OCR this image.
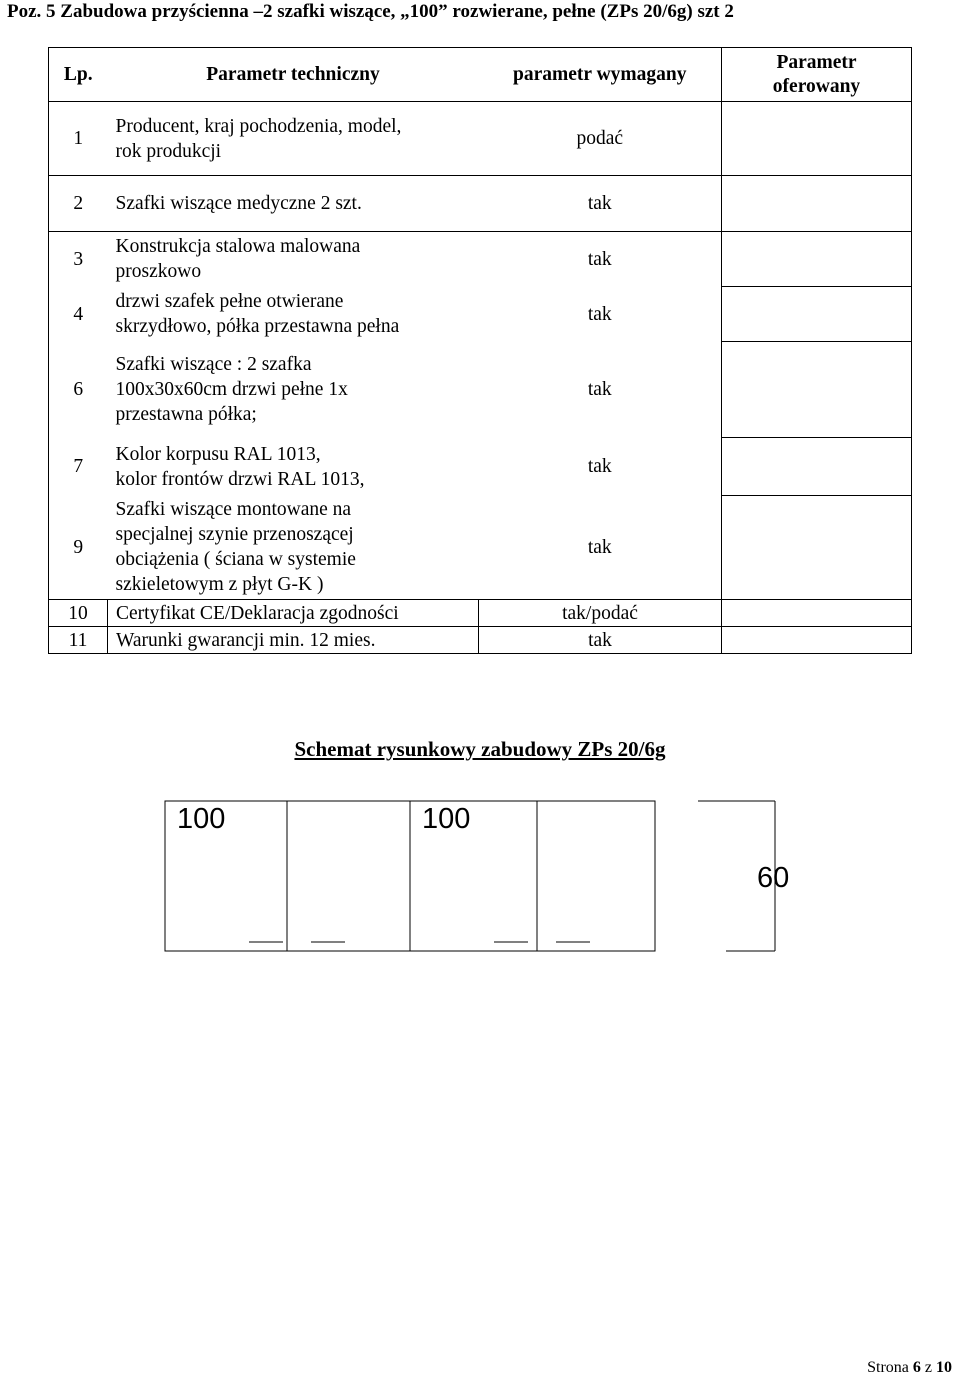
Poz. 5 Zabudowa przyścienna –2 szafki wiszące, „100” rozwierane, pełne (ZPs 20/6g) szt 2
Lp.	Parametr techniczny	parametr wymagany	Parametr
oferowany
1	Producent, kraj pochodzenia, model,
rok produkcji	podać	
2	Szafki wiszące medyczne 2 szt.	tak	
3	Konstrukcja stalowa malowana
proszkowo	tak	
4	drzwi szafek pełne otwierane
skrzydłowo, półka przestawna pełna	tak	
6	Szafki wiszące : 2 szafka
100x30x60cm drzwi pełne 1x
przestawna półka;	tak	
7	Kolor korpusu RAL 1013,
kolor frontów drzwi RAL 1013,	tak	
9	Szafki wiszące montowane na
specjalnej szynie przenoszącej
obciążenia ( ściana w systemie
szkieletowym z płyt G-K )	tak	
10	Certyfikat CE/Deklaracja zgodności	tak/podać	
11	Warunki gwarancji min. 12 mies.	tak	
Schemat rysunkowy zabudowy ZPs 20/6g
100	100
60
Strona 6 z 10
